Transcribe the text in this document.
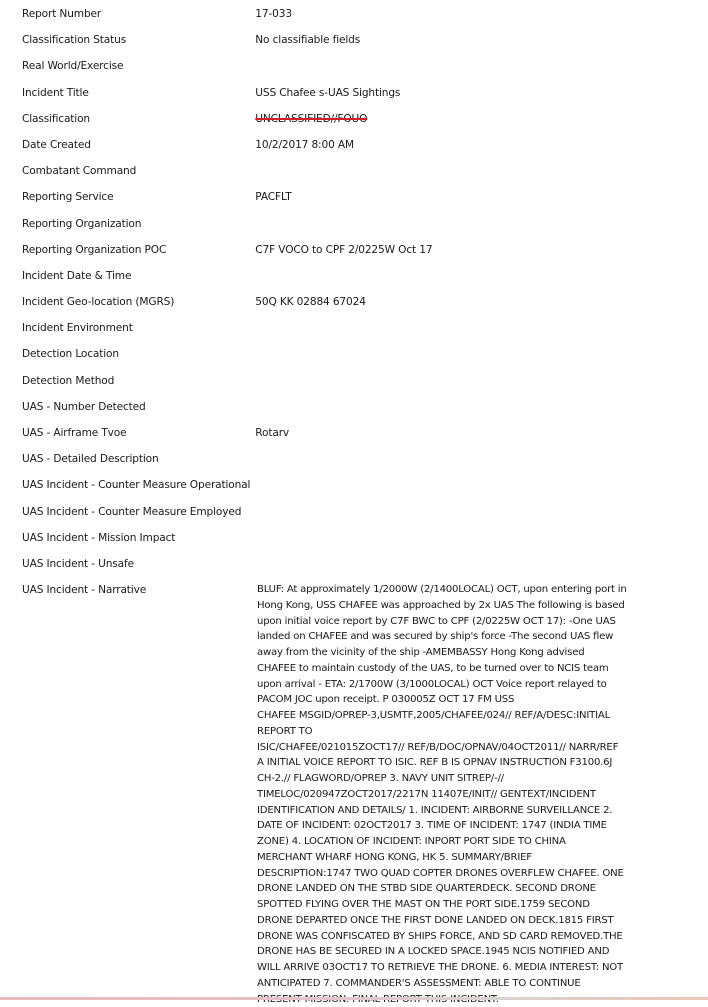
Report Number	17-033
Classification Status	No classifiable fields
Real World/Exercise
Incident Title	USS Chafee s-UAS Sightings
Classification	UNCLASSIFIED//FOUO
Date Created	10/2/2017 8:00 AM
Combatant Command
Reporting Service	PACFLT
Reporting Organization
Reporting Organization POC	C7F VOCO to CPF 2/0225W Oct 17
Incident Date & Time
Incident Geo-location (MGRS)	50Q KK 02884 67024
Incident Environment
Detection Location
Detection Method
UAS - Number Detected
UAS - Airframe Tvoe	Rotarv
UAS - Detailed Description
UAS Incident - Counter Measure Operational
UAS Incident - Counter Measure Employed
UAS Incident - Mission Impact
UAS Incident - Unsafe
UAS Incident - Narrative	BLUF: At approximately 1/2000W (2/1400LOCAL) OCT, upon entering port in
Hong Kong, USS CHAFEE was approached by 2x UAS The following is based
upon initial voice report by C7F BWC to CPF (2/0225W OCT 17): -One UAS
landed on CHAFEE and was secured by ship's force -The second UAS flew
away from the vicinity of the ship -AMEMBASSY Hong Kong advised
CHAFEE to maintain custody of the UAS, to be turned over to NCIS team
upon arrival - ETA: 2/1700W (3/1000LOCAL) OCT Voice report relayed to
PACOM JOC upon receipt. P 030005Z OCT 17 FM USS
CHAFEE MSGID/OPREP-3,USMTF,2005/CHAFEE/024// REF/A/DESC:INITIAL
REPORT TO
ISIC/CHAFEE/021015ZOCT17// REF/B/DOC/OPNAV/04OCT2011// NARR/REF
A INITIAL VOICE REPORT TO ISIC. REF B IS OPNAV INSTRUCTION F3100.6J
CH-2.// FLAGWORD/OPREP 3. NAVY UNIT SITREP/-//
TIMELOC/020947ZOCT2017/2217N 11407E/INIT// GENTEXT/INCIDENT
IDENTIFICATION AND DETAILS/ 1. INCIDENT: AIRBORNE SURVEILLANCE 2.
DATE OF INCIDENT: 02OCT2017 3. TIME OF INCIDENT: 1747 (INDIA TIME
ZONE) 4. LOCATION OF INCIDENT: INPORT PORT SIDE TO CHINA
MERCHANT WHARF HONG KONG, HK 5. SUMMARY/BRIEF
DESCRIPTION:1747 TWO QUAD COPTER DRONES OVERFLEW CHAFEE. ONE
DRONE LANDED ON THE STBD SIDE QUARTERDECK. SECOND DRONE
SPOTTED FLYING OVER THE MAST ON THE PORT SIDE.1759 SECOND
DRONE DEPARTED ONCE THE FIRST DONE LANDED ON DECK.1815 FIRST
DRONE WAS CONFISCATED BY SHIPS FORCE, AND SD CARD REMOVED.THE
DRONE HAS BE SECURED IN A LOCKED SPACE.1945 NCIS NOTIFIED AND
WILL ARRIVE 03OCT17 TO RETRIEVE THE DRONE. 6. MEDIA INTEREST: NOT
ANTICIPATED 7. COMMANDER'S ASSESSMENT: ABLE TO CONTINUE
